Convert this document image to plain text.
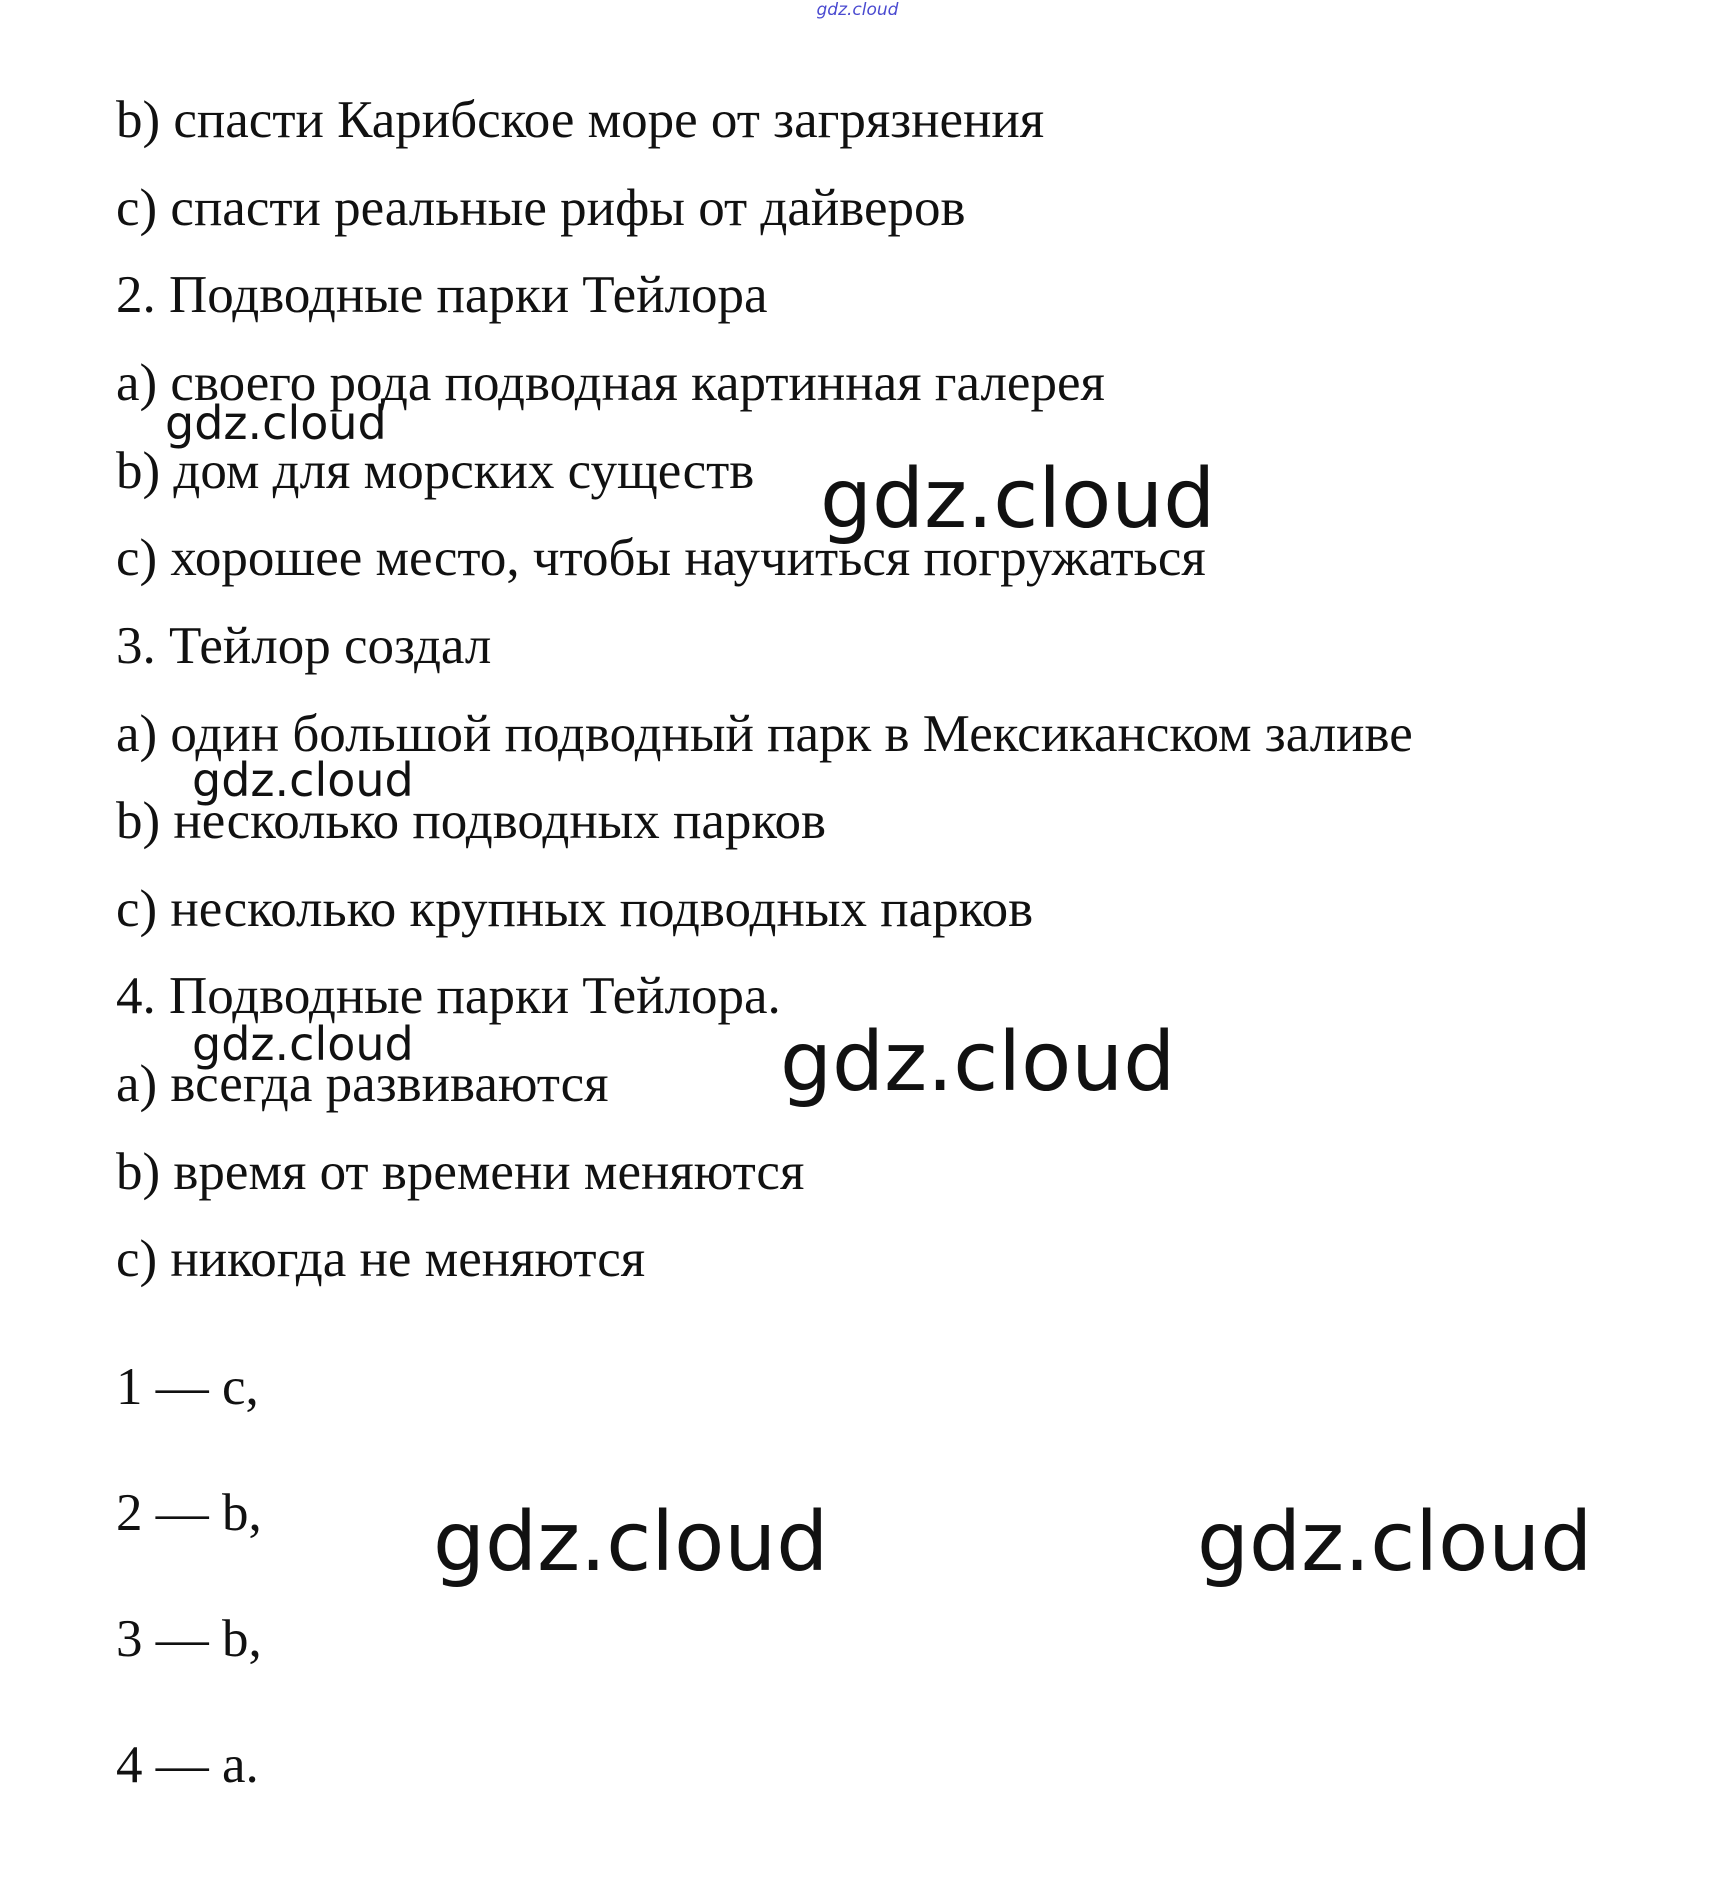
gdz.cloud
b) спасти Карибское море от загрязнения
c) спасти реальные рифы от дайверов
2. Подводные парки Тейлора
a) своего рода подводная картинная галерея
b) дом для морских существ
c) хорошее место, чтобы научиться погружаться
3. Тейлор создал
a) один большой подводный парк в Мексиканском заливе
b) несколько подводных парков
c) несколько крупных подводных парков
4. Подводные парки Тейлора.
a) всегда развиваются
b) время от времени меняются
c) никогда не меняются
1 — c,
2 — b,
3 — b,
4 — a.
gdz.cloud
gdz.cloud
gdz.cloud
gdz.cloud	gdz.cloud
gdz.cloud	gdz.cloud
